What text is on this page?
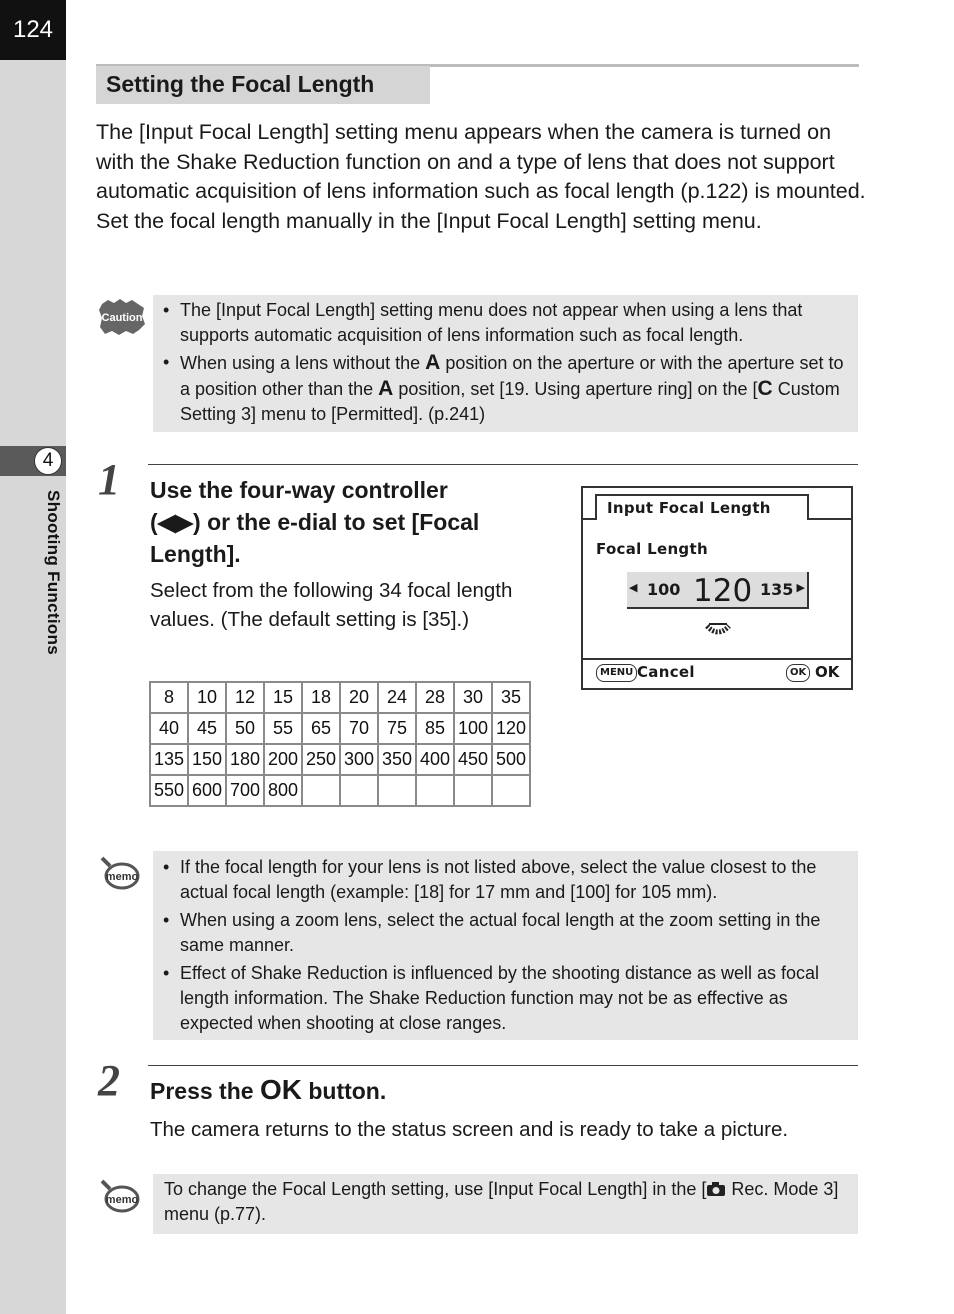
124
4
Shooting Functions
Setting the Focal Length

The [Input Focal Length] setting menu appears when the camera is turned on with the Shake Reduction function on and a type of lens that does not support automatic acquisition of lens information such as focal length (p.122) is mounted.

Set the focal length manually in the [Input Focal Length] setting menu.

Caution	• The [Input Focal Length] setting menu does not appear when using a lens that supports automatic acquisition of lens information such as focal length.
• When using a lens without the A position on the aperture or with the aperture set to a position other than the A position, set [19. Using aperture ring] on the [C Custom Setting 3] menu to [Permitted]. (p.241)
1 Use the four-way controller
(◀▶) or the e-dial to set [Focal
Length].
Select from the following 34 focal length values. (The default setting is [35].)
8	10	12	15	18	20	24	28	30	35
40	45	50	55	65	70	75	85	100	120
135	150	180	200	250	300	350	400	450	500
550	600	700	800						
Input Focal Length
Focal Length
◀ 100 120 135 ▶
MENU Cancel	OK OK
memo	• If the focal length for your lens is not listed above, select the value closest to the actual focal length (example: [18] for 17 mm and [100] for 105 mm).
• When using a zoom lens, select the actual focal length at the zoom setting in the same manner.
• Effect of Shake Reduction is influenced by the shooting distance as well as focal length information. The Shake Reduction function may not be as effective as expected when shooting at close ranges.
2 Press the OK button.
The camera returns to the status screen and is ready to take a picture.
memo

To change the Focal Length setting, use [Input Focal Length] in the [ Rec. Mode 3] menu (p.77).
